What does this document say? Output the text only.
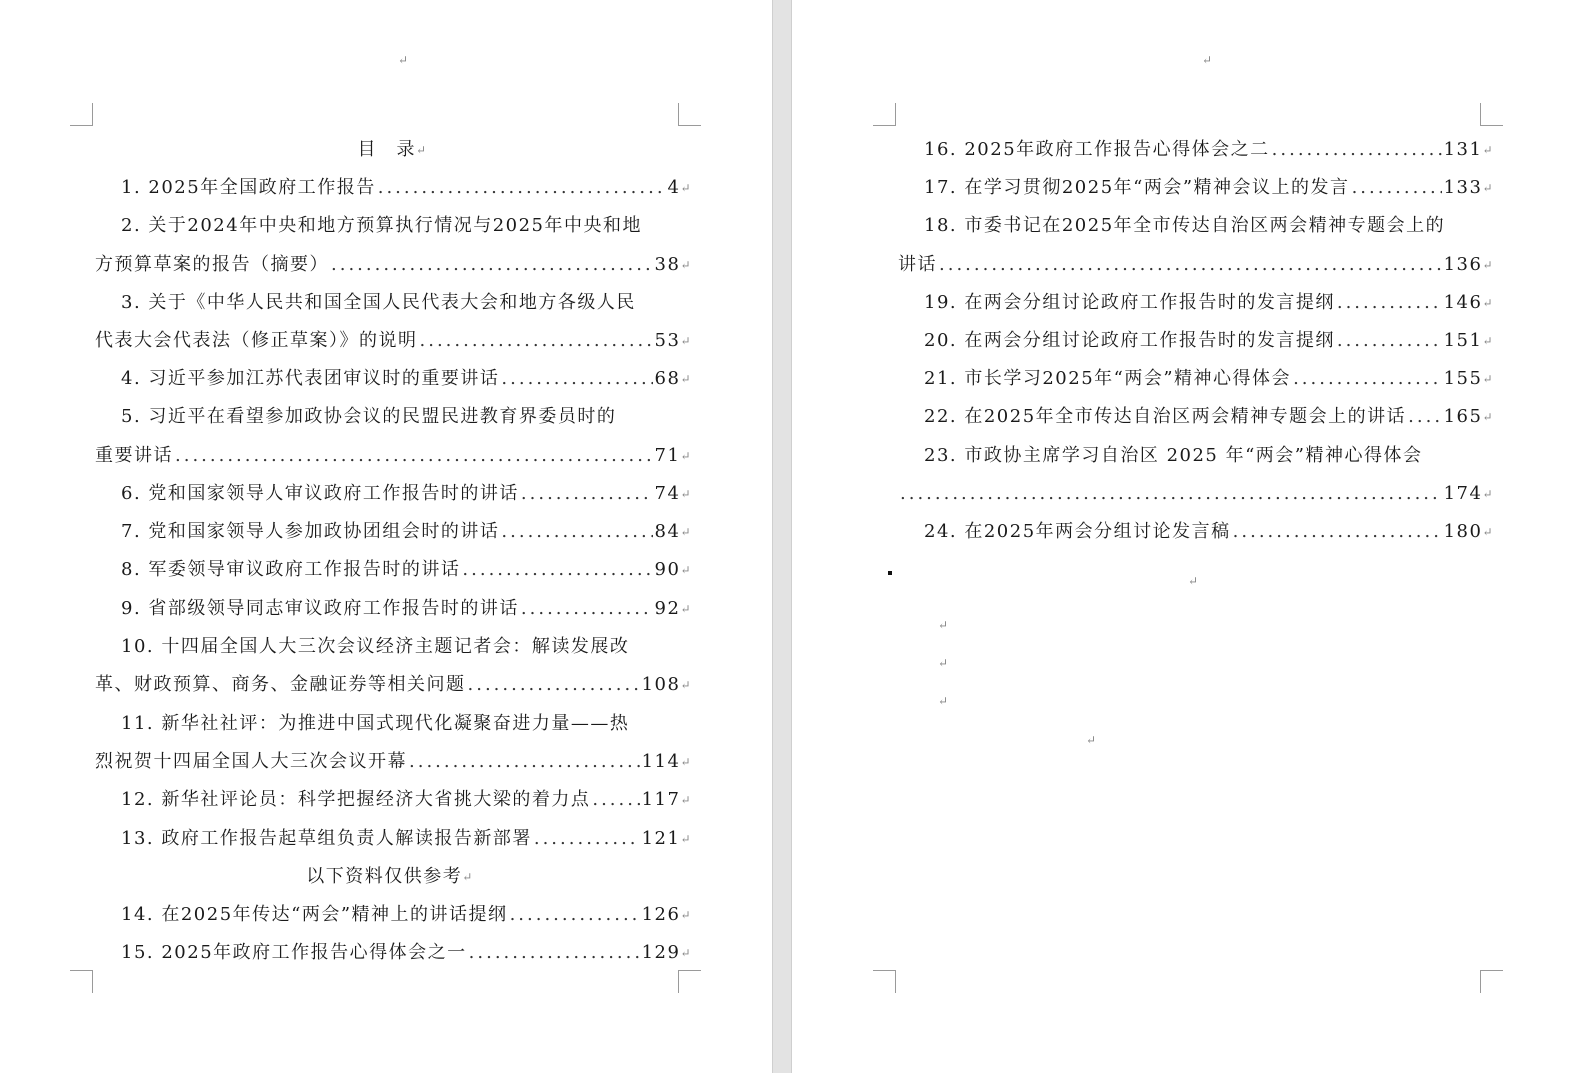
↵
目　录 ↵
1. 2025年全国政府工作报告 .....	4 ↵
2. 关于2024年中央和地方预算执行情况与2025年中央和地
方预算草案的报告（摘要） .....	38 ↵
3. 关于《中华人民共和国全国人民代表大会和地方各级人民
代表大会代表法（修正草案）》的说明 .....	53 ↵
4. 习近平参加江苏代表团审议时的重要讲话 .....	68 ↵
5. 习近平在看望参加政协会议的民盟民进教育界委员时的
重要讲话 .....	71 ↵
6. 党和国家领导人审议政府工作报告时的讲话 .....	74 ↵
7. 党和国家领导人参加政协团组会时的讲话 .....	84 ↵
8. 军委领导审议政府工作报告时的讲话 .....	90 ↵
9. 省部级领导同志审议政府工作报告时的讲话 .....	92 ↵
10. 十四届全国人大三次会议经济主题记者会：解读发展改
革、财政预算、商务、金融证券等相关问题 .....	108 ↵
11. 新华社社评：为推进中国式现代化凝聚奋进力量——热
烈祝贺十四届全国人大三次会议开幕 .....	114 ↵
12. 新华社评论员：科学把握经济大省挑大梁的着力点 .....	117 ↵
13. 政府工作报告起草组负责人解读报告新部署 .....	121 ↵
以下资料仅供参考 ↵
14. 在2025年传达“两会”精神上的讲话提纲 .....	126 ↵
15. 2025年政府工作报告心得体会之一 .....	129 ↵
↵
16. 2025年政府工作报告心得体会之二 .....	131 ↵
17. 在学习贯彻2025年“两会”精神会议上的发言 .....	133 ↵
18. 市委书记在2025年全市传达自治区两会精神专题会上的
讲话 .....	136 ↵
19. 在两会分组讨论政府工作报告时的发言提纲 .....	146 ↵
20. 在两会分组讨论政府工作报告时的发言提纲 .....	151 ↵
21. 市长学习2025年“两会”精神心得体会 .....	155 ↵
22. 在2025年全市传达自治区两会精神专题会上的讲话 ..... 165 ↵
23. 市政协主席学习自治区 2025 年“两会”精神心得体会
.....
174 ↵
24. 在2025年两会分组讨论发言稿 .....	180 ↵
↵
↵
↵
↵
↵
